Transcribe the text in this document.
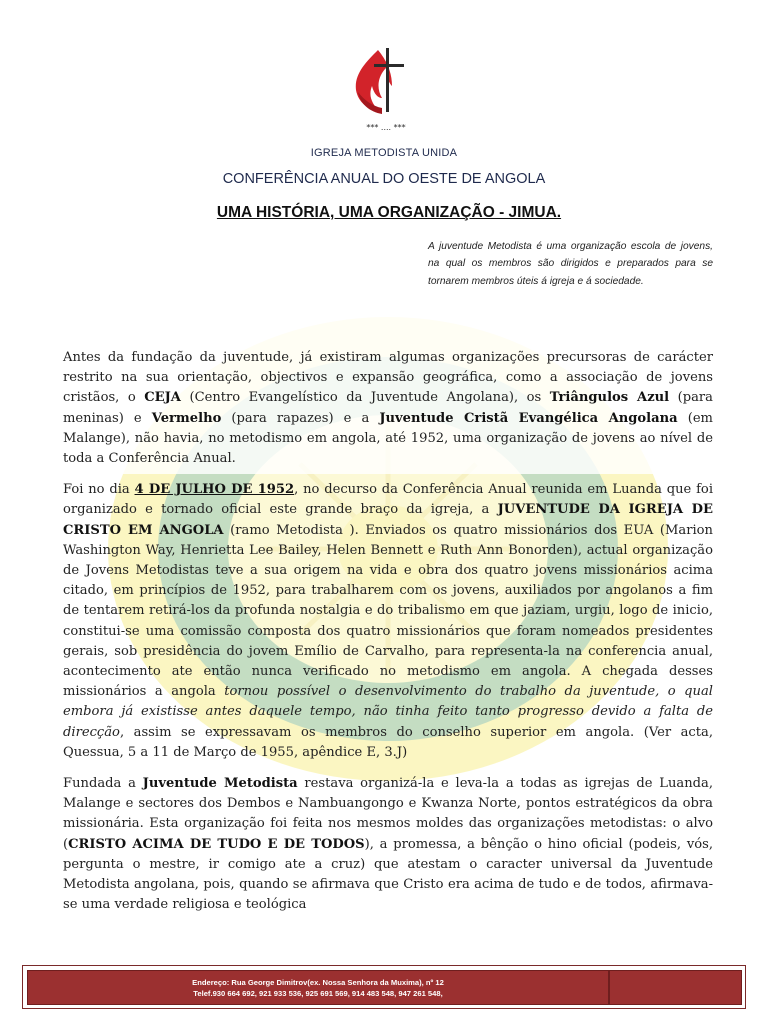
*** .... ***
IGREJA METODISTA UNIDA
CONFERÊNCIA ANUAL DO OESTE DE ANGOLA
UMA HISTÓRIA, UMA ORGANIZAÇÃO - JIMUA.
A juventude Metodista é uma organização escola de jovens, na qual os membros são dirigidos e preparados para se tornarem membros úteis á igreja e á sociedade.

Antes da fundação da juventude, já existiram algumas organizações precursoras de carácter restrito na sua orientação, objectivos e expansão geográfica, como a associação de jovens cristãos, o CEJA (Centro Evangelístico da Juventude Angolana), os Triângulos Azul (para meninas) e Vermelho (para rapazes) e a Juventude Cristã Evangélica Angolana (em Malange), não havia, no metodismo em angola, até 1952, uma organização de jovens ao nível de toda a Conferência Anual.

Foi no dia 4 DE JULHO DE 1952, no decurso da Conferência Anual reunida em Luanda que foi organizado e tornado oficial este grande braço da igreja, a JUVENTUDE DA IGREJA DE CRISTO EM ANGOLA (ramo Metodista ). Enviados os quatro missionários dos EUA (Marion Washington Way, Henrietta Lee Bailey, Helen Bennett e Ruth Ann Bonorden), actual organização de Jovens Metodistas teve a sua origem na vida e obra dos quatro jovens missionários acima citado, em princípios de 1952, para trabalharem com os jovens, auxiliados por angolanos a fim de tentarem retirá-los da profunda nostalgia e do tribalismo em que jaziam, urgiu, logo de inicio, constitui-se uma comissão composta dos quatro missionários que foram nomeados presidentes gerais, sob presidência do jovem Emílio de Carvalho, para representa-la na conferencia anual, acontecimento ate então nunca verificado no metodismo em angola. A chegada desses missionários a angola tornou possível o desenvolvimento do trabalho da juventude, o qual embora já existisse antes daquele tempo, não tinha feito tanto progresso devido a falta de direcção, assim se expressavam os membros do conselho superior em angola. (Ver acta, Quessua, 5 a 11 de Março de 1955, apêndice E, 3.J)

Fundada a Juventude Metodista restava organizá-la e leva-la a todas as igrejas de Luanda, Malange e sectores dos Dembos e Nambuangongo e Kwanza Norte, pontos estratégicos da obra missionária. Esta organização foi feita nos mesmos moldes das organizações metodistas: o alvo (CRISTO ACIMA DE TUDO E DE TODOS), a promessa, a bênção o hino oficial (podeis, vós, pergunta o mestre, ir comigo ate a cruz) que atestam o caracter universal da Juventude Metodista angolana, pois, quando se afirmava que Cristo era acima de tudo e de todos, afirmava-se uma verdade religiosa e teológica

Endereço: Rua George Dimitrov(ex. Nossa Senhora da Muxima), nº 12
Telef.930 664 692, 921 933 536, 925 691 569, 914 483 548, 947 261 548,
